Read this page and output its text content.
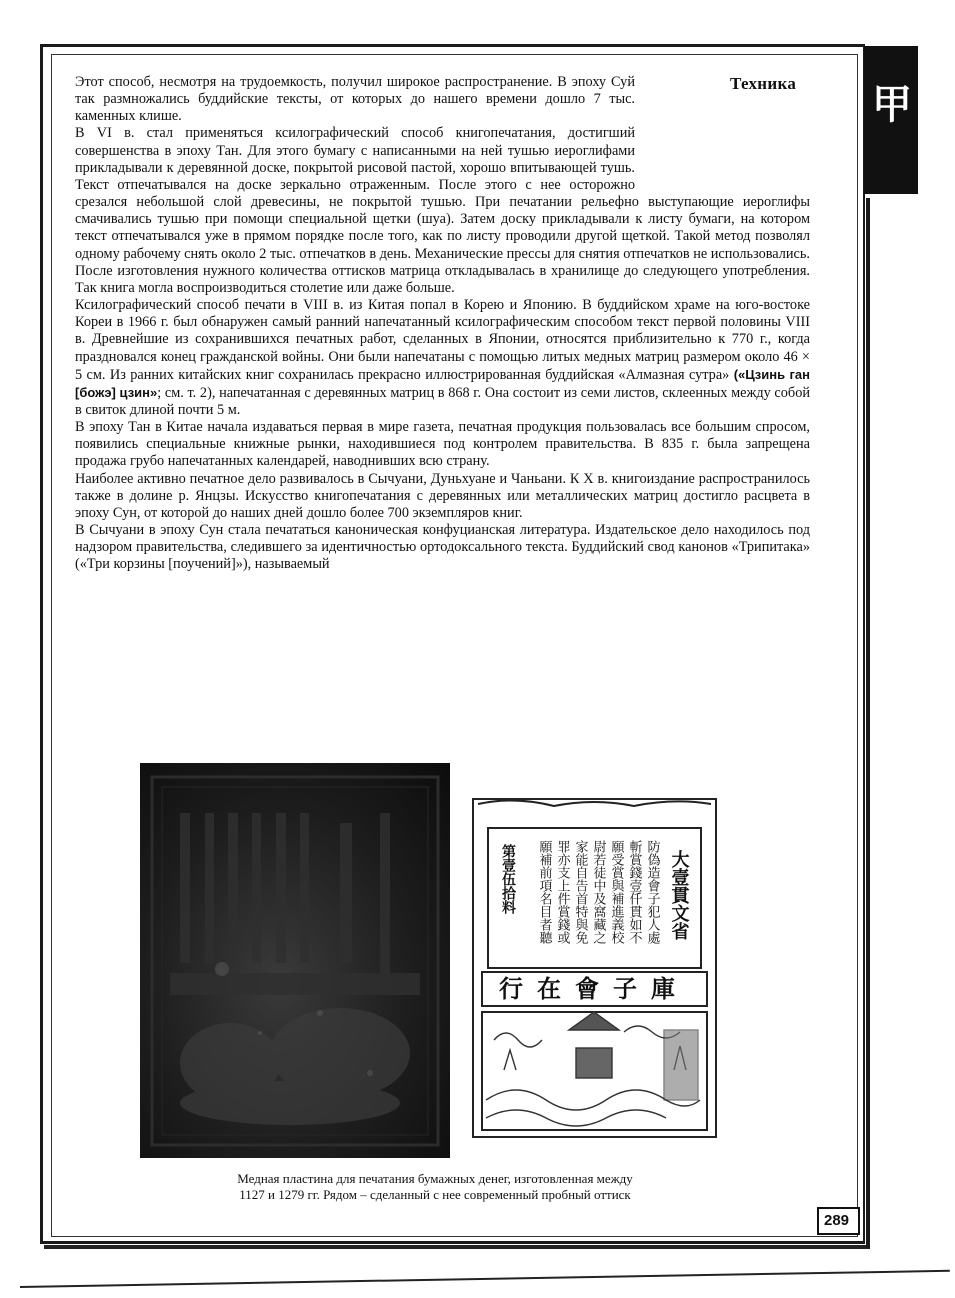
甲
Техника

Этот способ, несмотря на трудоемкость, получил широкое распространение. В эпоху Суй так размножались буддийские тексты, от которых до нашего времени дошло 7 тыс. каменных клише.

В VI в. стал применяться ксилографический способ книгопечатания, достигший совершенства в эпоху Тан. Для этого бумагу с написанными на ней тушью иероглифами прикладывали к деревянной доске, покрытой рисовой пастой, хорошо впитывающей тушь. Текст отпечатывался на доске зеркально отраженным. После этого с нее осторожно срезался небольшой слой древесины, не покрытой тушью. При печатании рельефно выступающие иероглифы смачивались тушью при помощи специальной щетки (шуа). Затем доску прикладывали к листу бумаги, на котором текст отпечатывался уже в прямом порядке после того, как по листу проводили другой щеткой. Такой метод позволял одному рабочему снять около 2 тыс. отпечатков в день. Механические прессы для снятия отпечатков не использовались. После изготовления нужного количества оттисков матрица откладывалась в хранилище до следующего употребления. Так книга могла воспроизводиться столетие или даже больше.

Ксилографический способ печати в VIII в. из Китая попал в Корею и Японию. В буддийском храме на юго-востоке Кореи в 1966 г. был обнаружен самый ранний напечатанный ксилографическим способом текст первой половины VIII в. Древнейшие из сохранившихся печатных работ, сделанных в Японии, относятся приблизительно к 770 г., когда праздновался конец гражданской войны. Они были напечатаны с помощью литых медных матриц размером около 46 × 5 см. Из ранних китайских книг сохранилась прекрасно иллюстрированная буддийская «Алмазная сутра» («Цзинь ган [божэ] цзин»; см. т. 2), напечатанная с деревянных матриц в 868 г. Она состоит из семи листов, склеенных между собой в свиток длиной почти 5 м.

В эпоху Тан в Китае начала издаваться первая в мире газета, печатная продукция пользовалась все большим спросом, появились специальные книжные рынки, находившиеся под контролем правительства. В 835 г. была запрещена продажа грубо напечатанных календарей, наводнивших всю страну.

Наиболее активно печатное дело развивалось в Сычуани, Дуньхуане и Чаньани. К X в. книгоиздание распространилось также в долине р. Янцзы. Искусство книгопечатания с деревянных или металлических матриц достигло расцвета в эпоху Сун, от которой до наших дней дошло более 700 экземпляров книг.

В Сычуани в эпоху Сун стала печататься каноническая конфуцианская литература. Издательское дело находилось под надзором правительства, следившего за идентичностью ортодоксального текста. Буддийский свод канонов «Трипитака» («Три корзины [поучений]»), называемый

大壹貫文省
防偽造會子犯人處
斬賞錢壹仟貫如不
願受賞與補進義校
尉若徒中及窩藏之
家能自告首特與免
罪亦支上件賞錢或
願補前項名目者聽
第壹伍拾料
行在會子庫
Медная пластина для печатания бумажных денег, изготовленная между
1127 и 1279 гг. Рядом – сделанный с нее современный пробный оттиск
289
